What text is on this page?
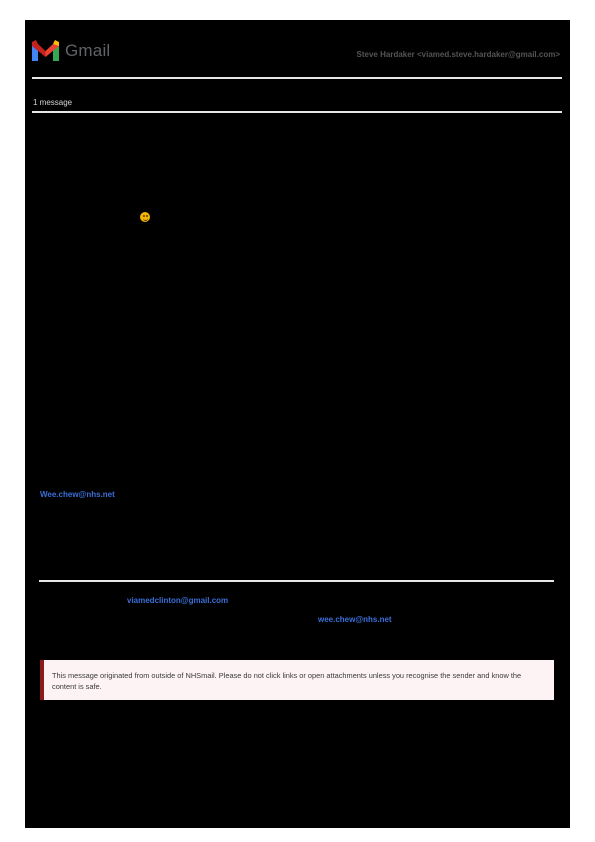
Gmail	Steve Hardaker <viamed.steve.hardaker@gmail.com>
1 message
Wee.chew@nhs.net
viamedclinton@gmail.com
wee.chew@nhs.net
This message originated from outside of NHSmail. Please do not click links or open attachments unless you recognise the sender and know the content is safe.
